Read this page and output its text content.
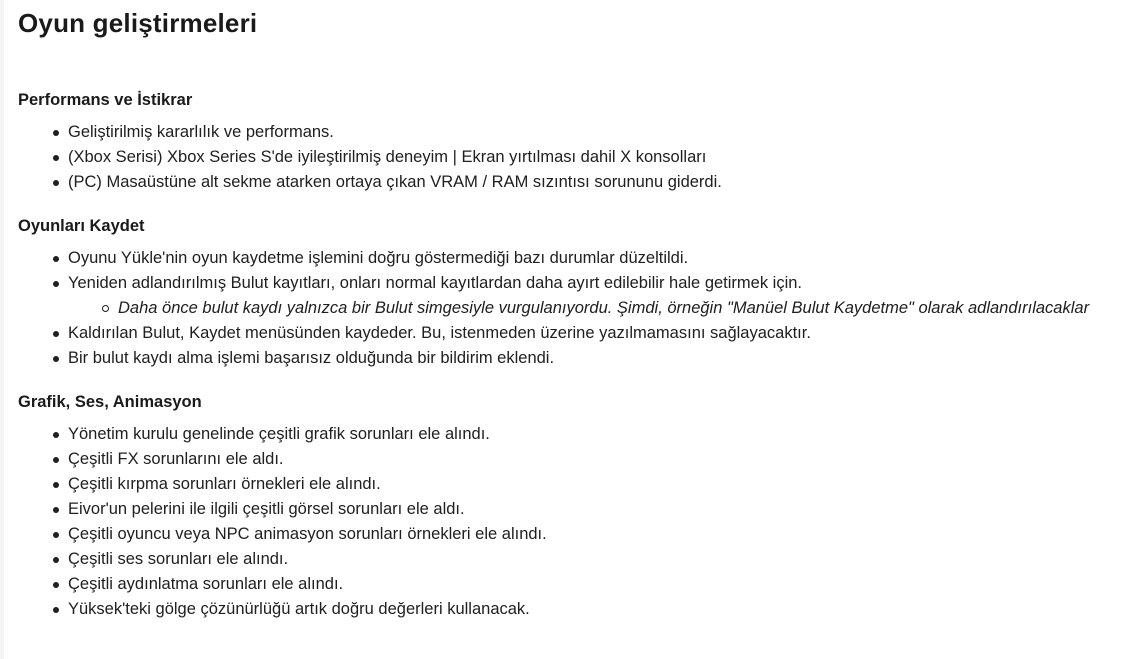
Oyun geliştirmeleri
Performans ve İstikrar
Geliştirilmiş kararlılık ve performans.
(Xbox Serisi) Xbox Series S'de iyileştirilmiş deneyim | Ekran yırtılması dahil X konsolları
(PC) Masaüstüne alt sekme atarken ortaya çıkan VRAM / RAM sızıntısı sorununu giderdi.
Oyunları Kaydet
Oyunu Yükle'nin oyun kaydetme işlemini doğru göstermediği bazı durumlar düzeltildi.
Yeniden adlandırılmış Bulut kayıtları, onları normal kayıtlardan daha ayırt edilebilir hale getirmek için.
Daha önce bulut kaydı yalnızca bir Bulut simgesiyle vurgulanıyordu. Şimdi, örneğin "Manüel Bulut Kaydetme" olarak adlandırılacaklar
Kaldırılan Bulut, Kaydet menüsünden kaydeder. Bu, istenmeden üzerine yazılmamasını sağlayacaktır.
Bir bulut kaydı alma işlemi başarısız olduğunda bir bildirim eklendi.
Grafik, Ses, Animasyon
Yönetim kurulu genelinde çeşitli grafik sorunları ele alındı.
Çeşitli FX sorunlarını ele aldı.
Çeşitli kırpma sorunları örnekleri ele alındı.
Eivor'un pelerini ile ilgili çeşitli görsel sorunları ele aldı.
Çeşitli oyuncu veya NPC animasyon sorunları örnekleri ele alındı.
Çeşitli ses sorunları ele alındı.
Çeşitli aydınlatma sorunları ele alındı.
Yüksek'teki gölge çözünürlüğü artık doğru değerleri kullanacak.
